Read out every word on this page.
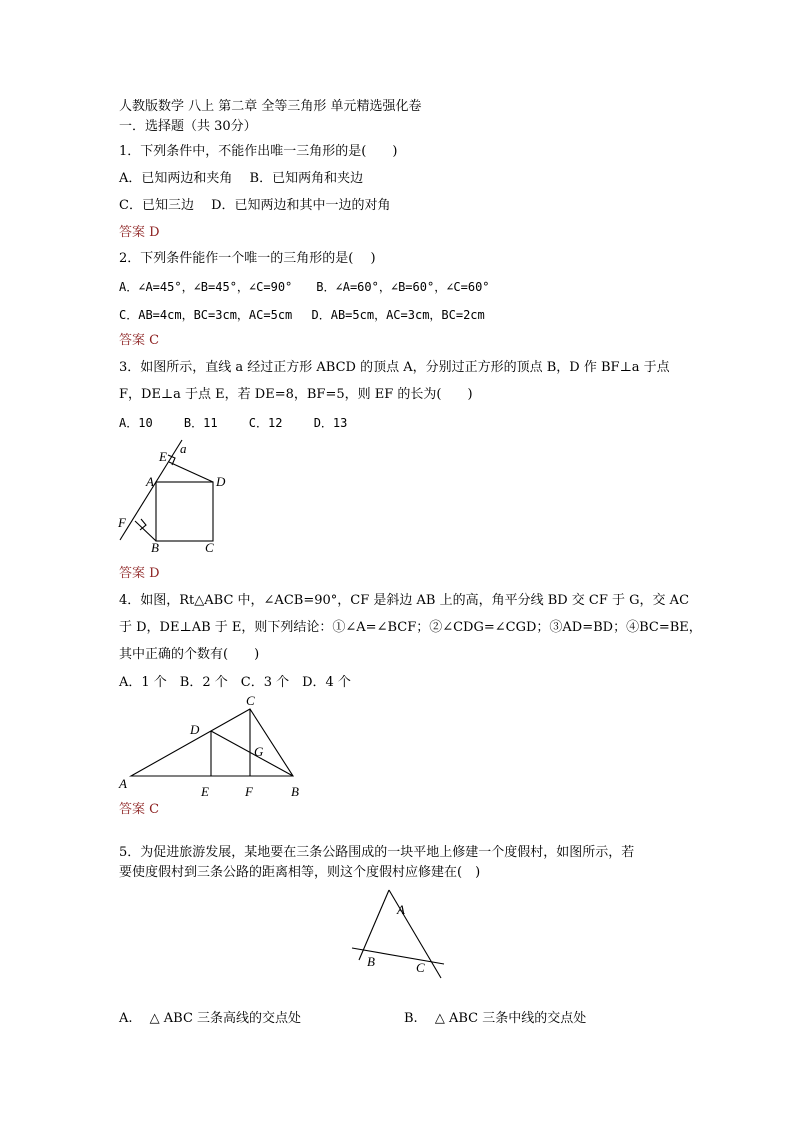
人教版数学 八上 第二章 全等三角形 单元精选强化卷
一．选择题（共 30分）
1．下列条件中，不能作出唯一三角形的是(　　)
A．已知两边和夹角　 B．已知两角和夹边
C．已知三边　 D．已知两边和其中一边的对角
答案 D
2．下列条件能作一个唯一的三角形的是(　 )
A．∠A=45°，∠B=45°，∠C=90°　　B．∠A=60°，∠B=60°，∠C=60°
C．AB=4cm，BC=3cm，AC=5cm　 D．AB=5cm，AC=3cm，BC=2cm
答案 C
3．如图所示，直线 a 经过正方形 ABCD 的顶点 A，分别过正方形的顶点 B，D 作 BF⊥a 于点
F，DE⊥a 于点 E，若 DE=8，BF=5，则 EF 的长为(　　)
A．10　　 B．11　　 C．12　　 D．13
a
E
D
A
F
B	C
答案 D
4．如图，Rt△ABC 中，∠ACB=90°，CF 是斜边 AB 上的高，角平分线 BD 交 CF 于 G，交 AC
于 D，DE⊥AB 于 E，则下列结论：①∠A=∠BCF；②∠CDG=∠CGD；③AD=BD；④BC=BE，
其中正确的个数有(　　)
A．1 个　B．2 个　C．3 个　D．4 个
C
D
G
A
E	F	B
答案 C
5．为促进旅游发展，某地要在三条公路围成的一块平地上修建一个度假村，如图所示，若
要使度假村到三条公路的距离相等，则这个度假村应修建在(　)
A
B	C
A.　 △ ABC 三条高线的交点处	B.　 △ ABC 三条中线的交点处
